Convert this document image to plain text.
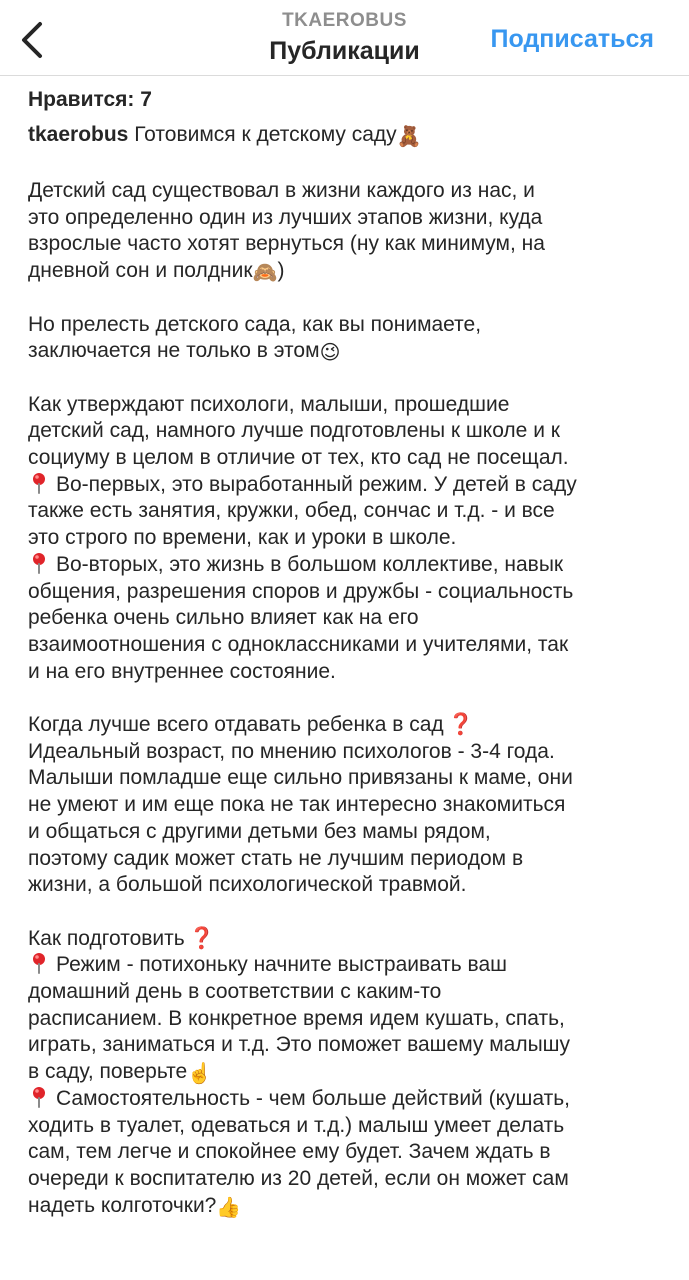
TKAEROBUS
Публикации	Подписаться

Нравится: 7

tkaerobus Готовимся к детскому саду🧸

Детский сад существовал в жизни каждого из нас, и
это определенно один из лучших этапов жизни, куда
взрослые часто хотят вернуться (ну как минимум, на
дневной сон и полдник🙈)
Но прелесть детского сада, как вы понимаете,
заключается не только в этом😉
Как утверждают психологи, малыши, прошедшие
детский сад, намного лучше подготовлены к школе и к
социуму в целом в отличие от тех, кто сад не посещал.
Во-первых, это выработанный режим. У детей в саду
также есть занятия, кружки, обед, сончас и т.д. - и все
это строго по времени, как и уроки в школе.
Во-вторых, это жизнь в большом коллективе, навык
общения, разрешения споров и дружбы - социальность
ребенка очень сильно влияет как на его
взаимоотношения с одноклассниками и учителями, так
и на его внутреннее состояние.
Когда лучше всего отдавать ребенка в сад ❓
Идеальный возраст, по мнению психологов - 3-4 года.
Малыши помладше еще сильно привязаны к маме, они
не умеют и им еще пока не так интересно знакомиться
и общаться с другими детьми без мамы рядом,
поэтому садик может стать не лучшим периодом в
жизни, а большой психологической травмой.
Как подготовить ❓
Режим - потихоньку начните выстраивать ваш
домашний день в соответствии с каким-то
расписанием. В конкретное время идем кушать, спать,
играть, заниматься и т.д. Это поможет вашему малышу
в саду, поверьте☝️
Самостоятельность - чем больше действий (кушать,
ходить в туалет, одеваться и т.д.) малыш умеет делать
сам, тем легче и спокойнее ему будет. Зачем ждать в
очереди к воспитателю из 20 детей, если он может сам
надеть колготочки?👍
